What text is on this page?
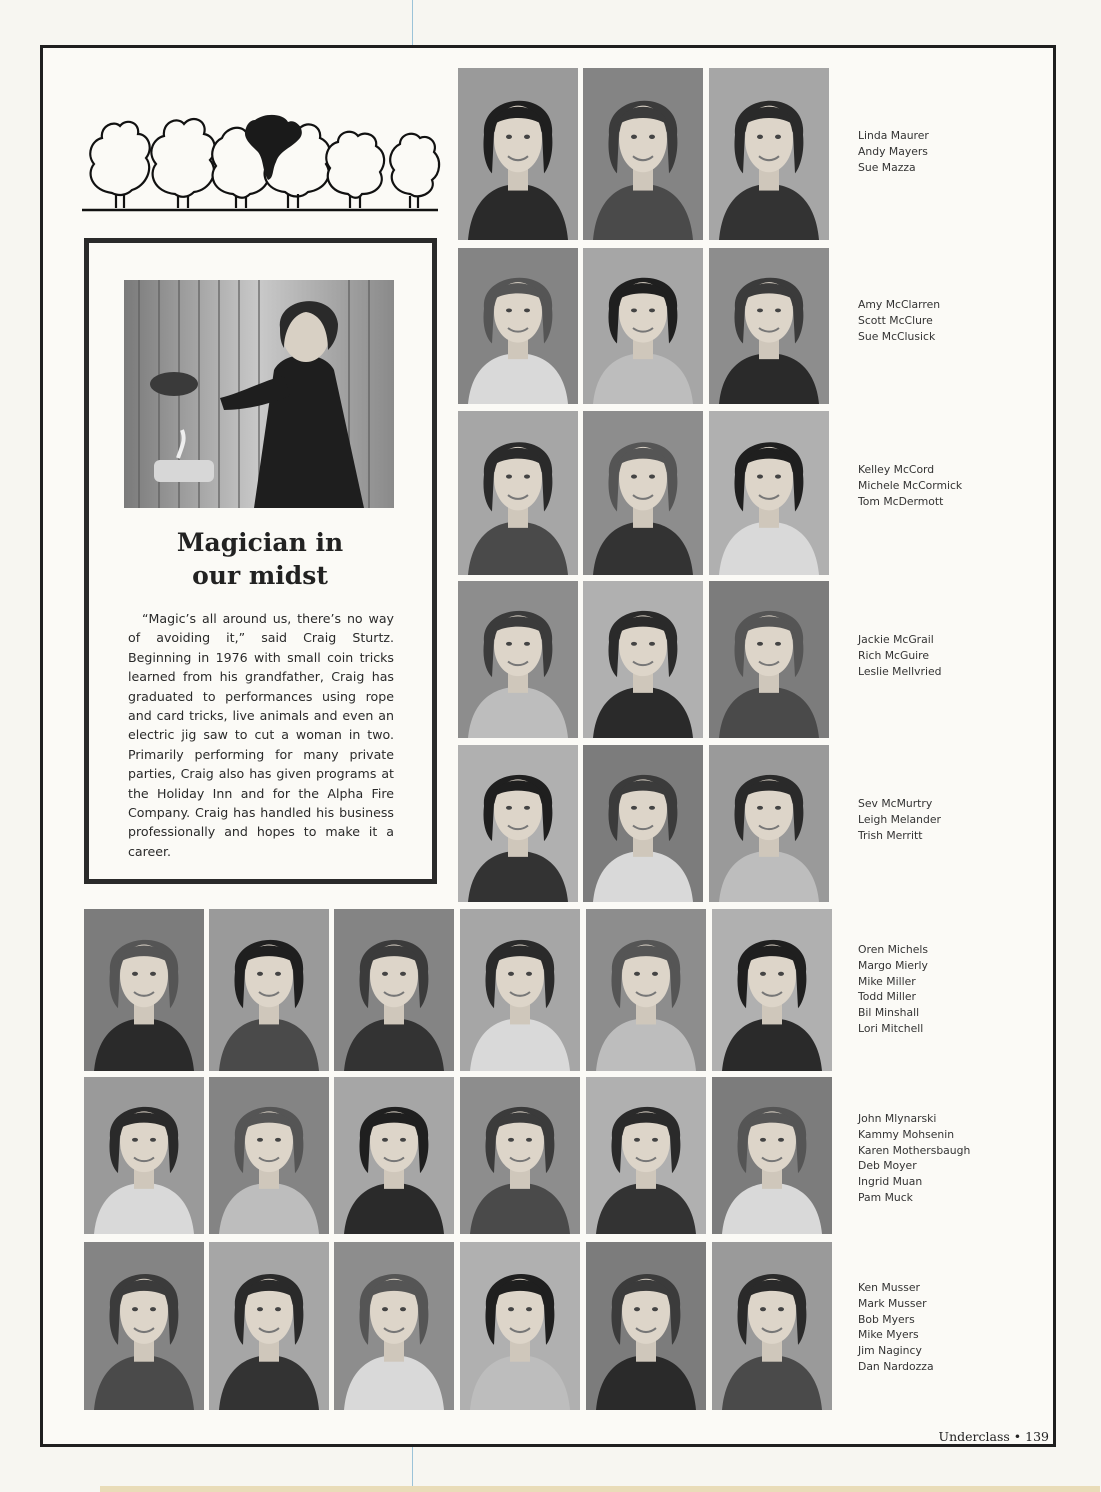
Magician in
our midst

“Magic’s all around us, there’s no way of avoiding it,” said Craig Sturtz. Beginning in 1976 with small coin tricks learned from his grandfather, Craig has graduated to performances using rope and card tricks, live animals and even an electric jig saw to cut a woman in two. Primarily performing for many private parties, Craig also has given programs at the Holiday Inn and for the Alpha Fire Company. Craig has handled his business professionally and hopes to make it a career.

Linda Maurer
Andy Mayers
Sue Mazza
Amy McClarren
Scott McClure
Sue McClusick
Kelley McCord
Michele McCormick
Tom McDermott
Jackie McGrail
Rich McGuire
Leslie Mellvried
Sev McMurtry
Leigh Melander
Trish Merritt
Oren Michels
Margo Mierly
Mike Miller
Todd Miller
Bil Minshall
Lori Mitchell
John Mlynarski
Kammy Mohsenin
Karen Mothersbaugh
Deb Moyer
Ingrid Muan
Pam Muck
Ken Musser
Mark Musser
Bob Myers
Mike Myers
Jim Nagincy
Dan Nardozza
Underclass • 139
